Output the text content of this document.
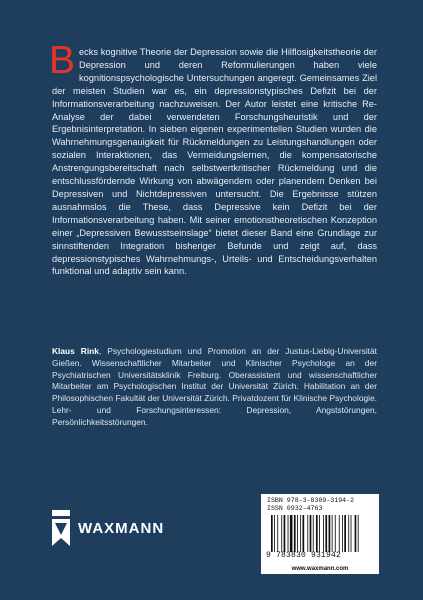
Becks kognitive Theorie der Depression sowie die Hilflosigkeitstheorie der Depression und deren Reformulierungen haben viele kognitionspsychologische Untersuchungen angeregt. Gemeinsames Ziel der meisten Studien war es, ein depressionstypisches Defizit bei der Informationsverarbeitung nachzuweisen. Der Autor leistet eine kritische Re-Analyse der dabei verwendeten Forschungsheuristik und der Ergebnisinterpretation. In sieben eigenen experimentellen Studien wurden die Wahrnehmungsgenauigkeit für Rückmeldungen zu Leistungshandlungen oder sozialen Interaktionen, das Vermeidungslernen, die kompensatorische Anstrengungsbereitschaft nach selbstwertkritischer Rückmeldung und die entschlussfördernde Wirkung von abwägendem oder planendem Denken bei Depressiven und Nichtdepressiven untersucht. Die Ergebnisse stützen ausnahmslos die These, dass Depressive kein Defizit bei der Informationsverarbeitung haben. Mit seiner emotionstheoretischen Konzeption einer „Depressiven Bewusstseinslage“ bietet dieser Band eine Grundlage zur sinnstiftenden Integration bisheriger Befunde und zeigt auf, dass depressionstypisches Wahrnehmungs-, Urteils- und Entscheidungsverhalten funktional und adaptiv sein kann.
Klaus Rink, Psychologiestudium und Promotion an der Justus-Liebig-Universität Gießen. Wissenschaftlicher Mitarbeiter und Klinischer Psychologe an der Psychiatrischen Universitätsklinik Freiburg. Oberassistent und wissenschaftlicher Mitarbeiter am Psychologischen Institut der Universität Zürich. Habilitation an der Philosophischen Fakultät der Universität Zürich. Privatdozent für Klinische Psychologie. Lehr- und Forschungsinteressen: Depression, Angststörungen, Persönlichkeitsstörungen.
WAXMANN
ISBN 978-3-8309-3194-2
ISSN 0932-4763
9 783830 931942
www.waxmann.com
